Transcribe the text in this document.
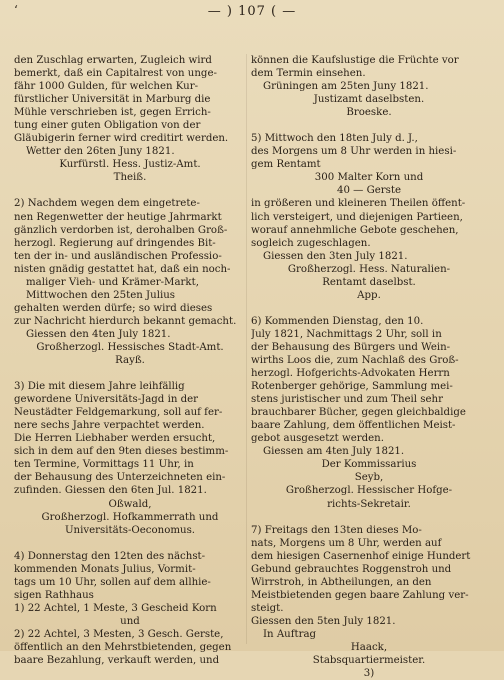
ʻ	— ) 107 ( —
den Zuschlag erwarten, Zugleich wird
bemerkt, daß ein Capitalrest von unge-
fähr 1000 Gulden, für welchen Kur-
fürstlicher Universität in Marburg die
Mühle verschrieben ist, gegen Errich-
tung einer guten Obligation von der
Gläubigerin ferner wird creditirt werden.
Wetter den 26ten Juny 1821.
Kurfürstl. Hess. Justiz-Amt.
Theiß.
2) Nachdem wegen dem eingetrete-
nen Regenwetter der heutige Jahrmarkt
gänzlich verdorben ist, derohalben Groß-
herzogl. Regierung auf dringendes Bit-
ten der in- und ausländischen Professio-
nisten gnädig gestattet hat, daß ein noch-
maliger Vieh- und Krämer-Markt,
Mittwochen den 25ten Julius
gehalten werden dürfe; so wird dieses
zur Nachricht hierdurch bekannt gemacht.
Giessen den 4ten July 1821.
Großherzogl. Hessisches Stadt-Amt.
Rayß.
3) Die mit diesem Jahre leihfällig
gewordene Universitäts-Jagd in der
Neustädter Feldgemarkung, soll auf fer-
nere sechs Jahre verpachtet werden.
Die Herren Liebhaber werden ersucht,
sich in dem auf den 9ten dieses bestimm-
ten Termine, Vormittags 11 Uhr, in
der Behausung des Unterzeichneten ein-
zufinden. Giessen den 6ten Jul. 1821.
Oßwald,
Großherzogl. Hofkammerrath und
Universitäts-Oeconomus.
4) Donnerstag den 12ten des nächst-
kommenden Monats Julius, Vormit-
tags um 10 Uhr, sollen auf dem allhie-
sigen Rathhaus
1) 22 Achtel, 1 Meste, 3 Gescheid Korn
und
2) 22 Achtel, 3 Mesten, 3 Gesch. Gerste,
öffentlich an den Mehrstbietenden, gegen
baare Bezahlung, verkauft werden, und
können die Kaufslustige die Früchte vor
dem Termin einsehen.
Grüningen am 25ten Juny 1821.
Justizamt daselbsten.
Broeske.
5) Mittwoch den 18ten July d. J.,
des Morgens um 8 Uhr werden in hiesi-
gem Rentamt
300 Malter Korn und
40 — Gerste
in größeren und kleineren Theilen öffent-
lich versteigert, und diejenigen Partieen,
worauf annehmliche Gebote geschehen,
sogleich zugeschlagen.
Giessen den 3ten July 1821.
Großherzogl. Hess. Naturalien-
Rentamt daselbst.
App.
6) Kommenden Dienstag, den 10.
July 1821, Nachmittags 2 Uhr, soll in
der Behausung des Bürgers und Wein-
wirths Loos die, zum Nachlaß des Groß-
herzogl. Hofgerichts-Advokaten Herrn
Rotenberger gehörige, Sammlung mei-
stens juristischer und zum Theil sehr
brauchbarer Bücher, gegen gleichbaldige
baare Zahlung, dem öffentlichen Meist-
gebot ausgesetzt werden.
Giessen am 4ten July 1821.
Der Kommissarius
Seyb,
Großherzogl. Hessischer Hofge-
richts-Sekretair.
7) Freitags den 13ten dieses Mo-
nats, Morgens um 8 Uhr, werden auf
dem hiesigen Casernenhof einige Hundert
Gebund gebrauchtes Roggenstroh und
Wirrstroh, in Abtheilungen, an den
Meistbietenden gegen baare Zahlung ver-
steigt.
Giessen den 5ten July 1821.
In Auftrag
Haack,
Stabsquartiermeister.
3)
